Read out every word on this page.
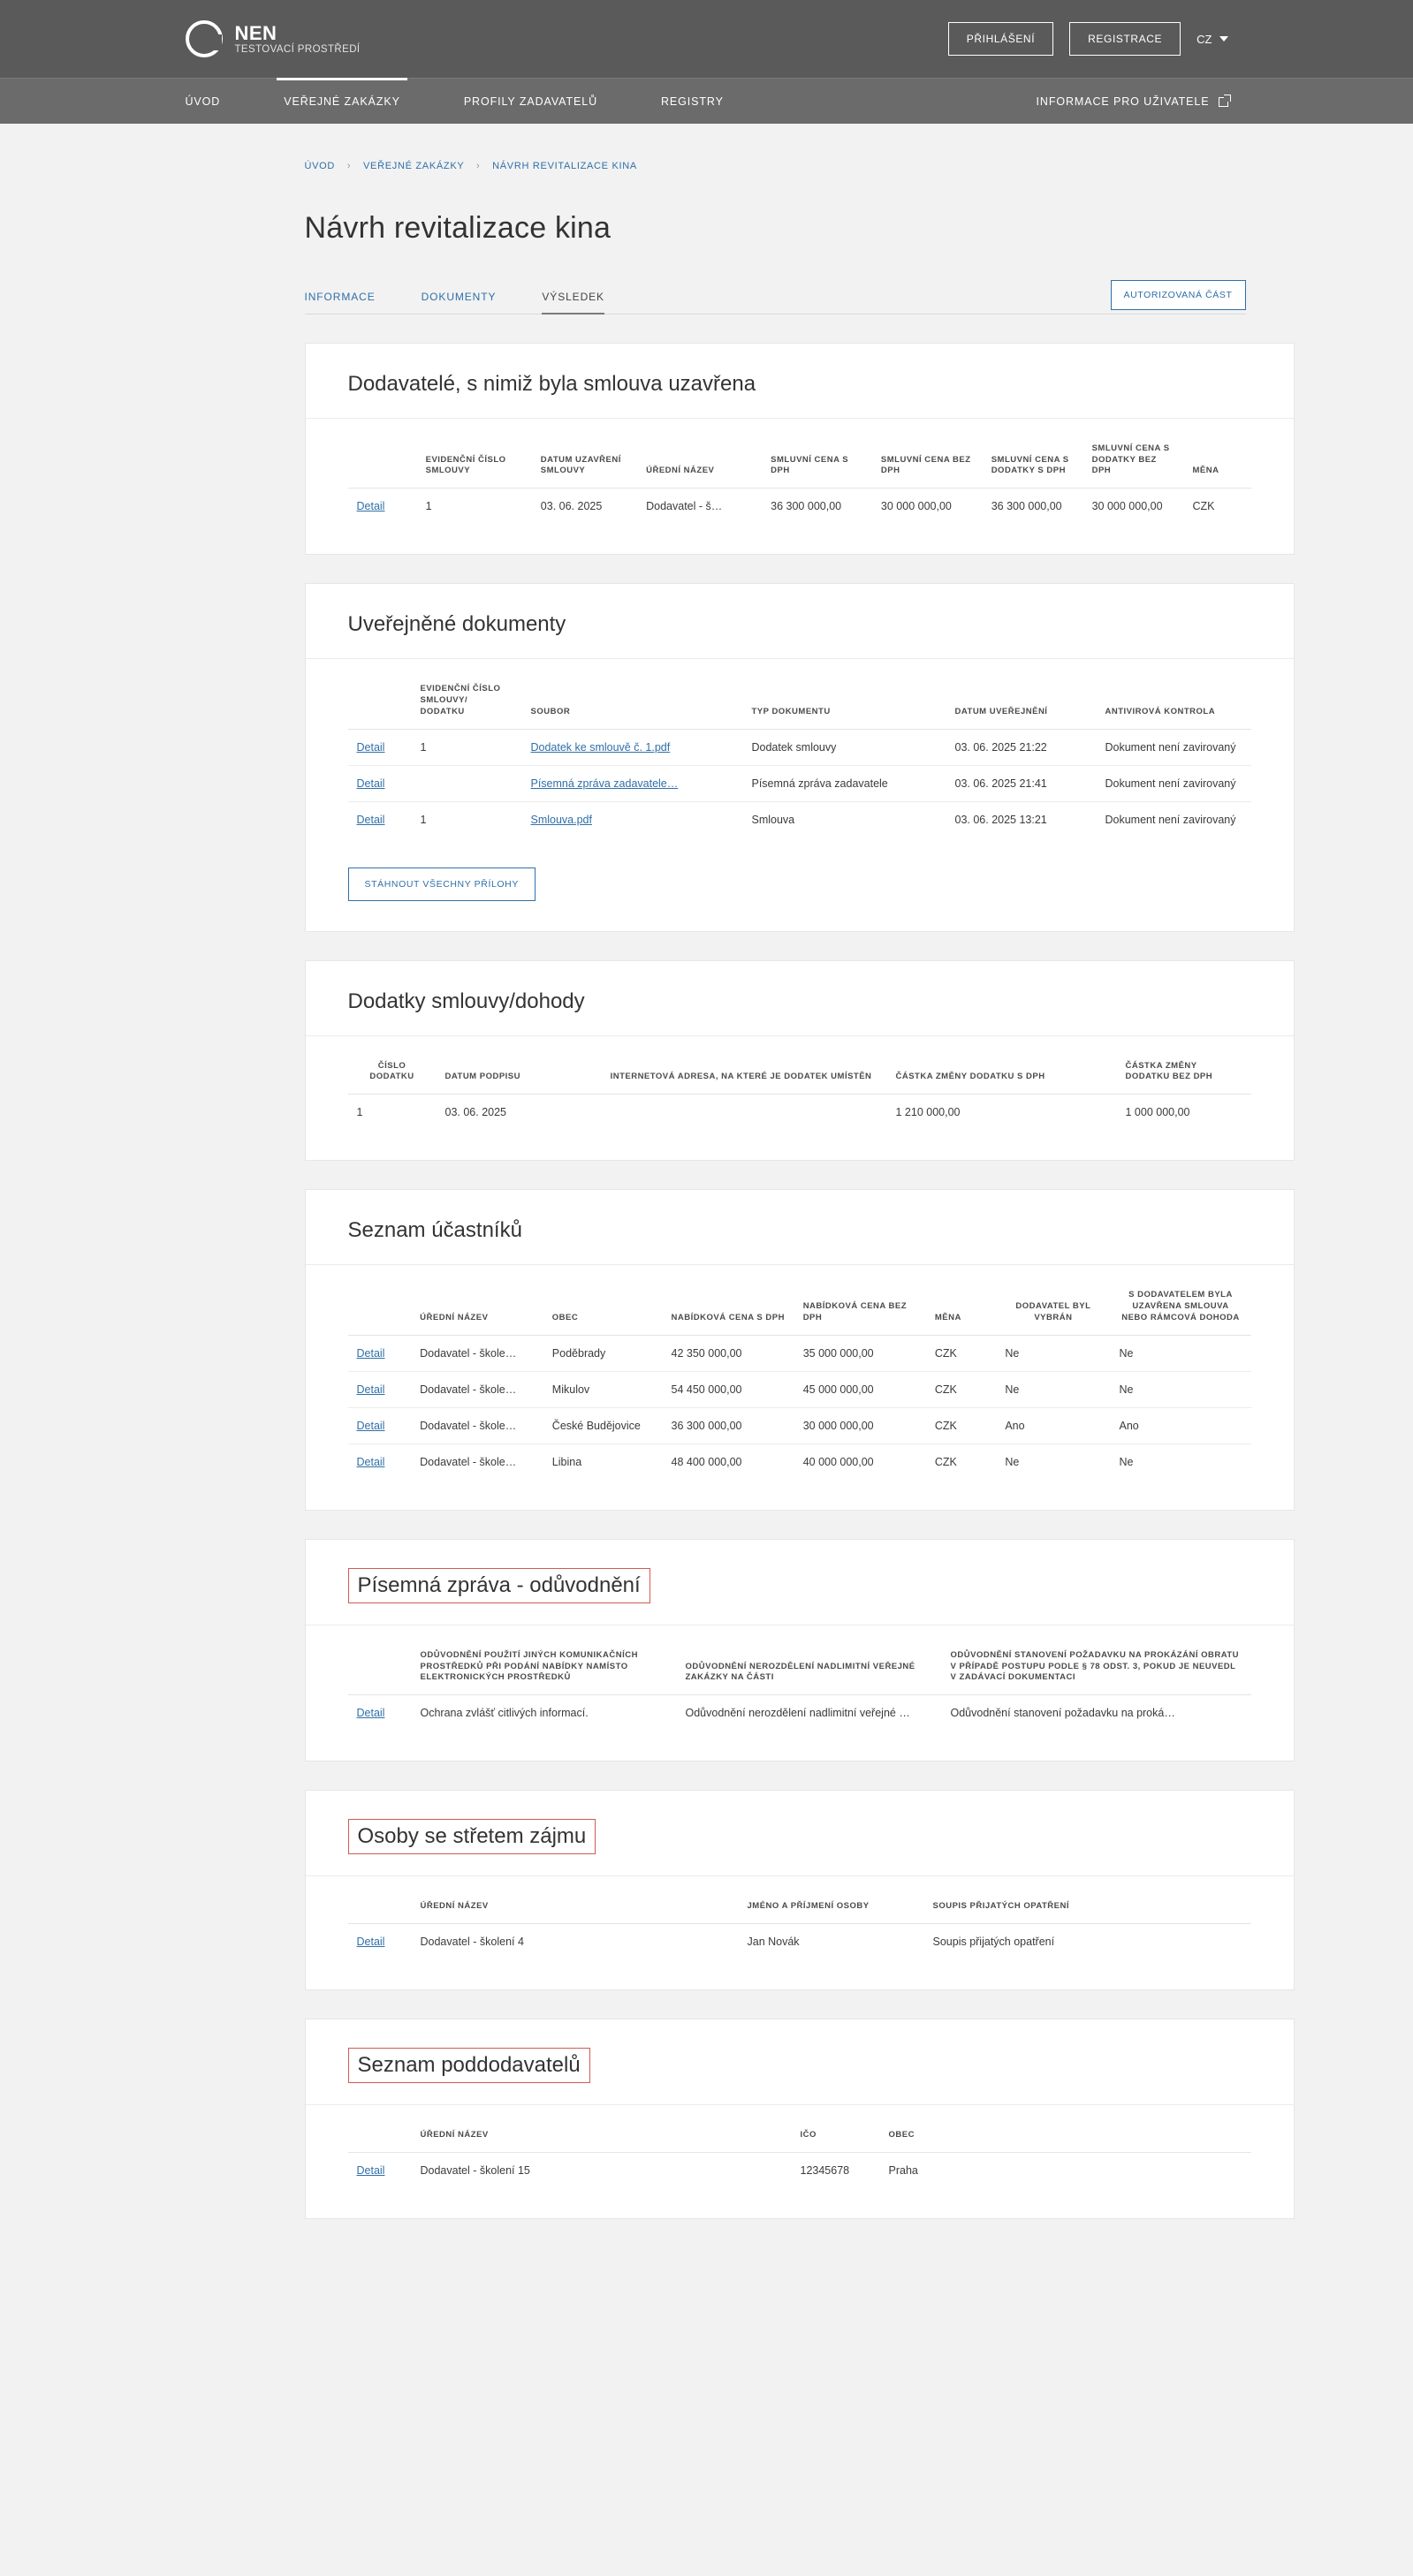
NEN
TESTOVACÍ PROSTŘEDÍ
PŘIHLÁŠENÍ	REGISTRACE	CZ
ÚVOD	VEŘEJNÉ ZAKÁZKY	PROFILY ZADAVATELŮ	REGISTRY	INFORMACE PRO UŽIVATELE
ÚVOD › VEŘEJNÉ ZAKÁZKY › NÁVRH REVITALIZACE KINA
Návrh revitalizace kina
INFORMACE	DOKUMENTY	VÝSLEDEK	AUTORIZOVANÁ ČÁST
Dodavatelé, s nimiž byla smlouva uzavřena
	EVIDENČNÍ ČÍSLO SMLOUVY	DATUM UZAVŘENÍ SMLOUVY	ÚŘEDNÍ NÁZEV	SMLUVNÍ CENA S DPH	SMLUVNÍ CENA BEZ DPH	SMLUVNÍ CENA S DODATKY S DPH	SMLUVNÍ CENA S DODATKY BEZ DPH	MĚNA
Detail	1	03. 06. 2025	Dodavatel - š…	36 300 000,00	30 000 000,00	36 300 000,00	30 000 000,00	CZK
Uveřejněné dokumenty
	EVIDENČNÍ ČÍSLO SMLOUVY/ DODATKU	SOUBOR	TYP DOKUMENTU	DATUM UVEŘEJNĚNÍ	ANTIVIROVÁ KONTROLA
Detail	1	Dodatek ke smlouvě č. 1.pdf	Dodatek smlouvy	03. 06. 2025 21:22	Dokument není zavirovaný
Detail		Písemná zpráva zadavatele…	Písemná zpráva zadavatele	03. 06. 2025 21:41	Dokument není zavirovaný
Detail	1	Smlouva.pdf	Smlouva	03. 06. 2025 13:21	Dokument není zavirovaný
STÁHNOUT VŠECHNY PŘÍLOHY
Dodatky smlouvy/dohody
ČÍSLO DODATKU	DATUM PODPISU	INTERNETOVÁ ADRESA, NA KTERÉ JE DODATEK UMÍSTĚN	ČÁSTKA ZMĚNY DODATKU S DPH	ČÁSTKA ZMĚNY DODATKU BEZ DPH
1	03. 06. 2025		1 210 000,00	1 000 000,00
Seznam účastníků
	ÚŘEDNÍ NÁZEV	OBEC	NABÍDKOVÁ CENA S DPH	NABÍDKOVÁ CENA BEZ DPH	MĚNA	DODAVATEL BYL VYBRÁN	S DODAVATELEM BYLA UZAVŘENA SMLOUVA NEBO RÁMCOVÁ DOHODA
Detail	Dodavatel - škole…	Poděbrady	42 350 000,00	35 000 000,00	CZK	Ne	Ne
Detail	Dodavatel - škole…	Mikulov	54 450 000,00	45 000 000,00	CZK	Ne	Ne
Detail	Dodavatel - škole…	České Budějovice	36 300 000,00	30 000 000,00	CZK	Ano	Ano
Detail	Dodavatel - škole…	Libina	48 400 000,00	40 000 000,00	CZK	Ne	Ne
Písemná zpráva - odůvodnění
	ODŮVODNĚNÍ POUŽITÍ JINÝCH KOMUNIKAČNÍCH PROSTŘEDKŮ PŘI PODÁNÍ NABÍDKY NAMÍSTO ELEKTRONICKÝCH PROSTŘEDKŮ	ODŮVODNĚNÍ NEROZDĚLENÍ NADLIMITNÍ VEŘEJNÉ ZAKÁZKY NA ČÁSTI	ODŮVODNĚNÍ STANOVENÍ POŽADAVKU NA PROKÁZÁNÍ OBRATU V PŘÍPADĚ POSTUPU PODLE § 78 ODST. 3, POKUD JE NEUVEDL V ZADÁVACÍ DOKUMENTACI
Detail	Ochrana zvlášť citlivých informací.	Odůvodnění nerozdělení nadlimitní veřejné …	Odůvodnění stanovení požadavku na proká…
Osoby se střetem zájmu
	ÚŘEDNÍ NÁZEV	JMÉNO A PŘÍJMENÍ OSOBY	SOUPIS PŘIJATÝCH OPATŘENÍ
Detail	Dodavatel - školení 4	Jan Novák	Soupis přijatých opatření
Seznam poddodavatelů
	ÚŘEDNÍ NÁZEV	IČO	OBEC
Detail	Dodavatel - školení 15	12345678	Praha
